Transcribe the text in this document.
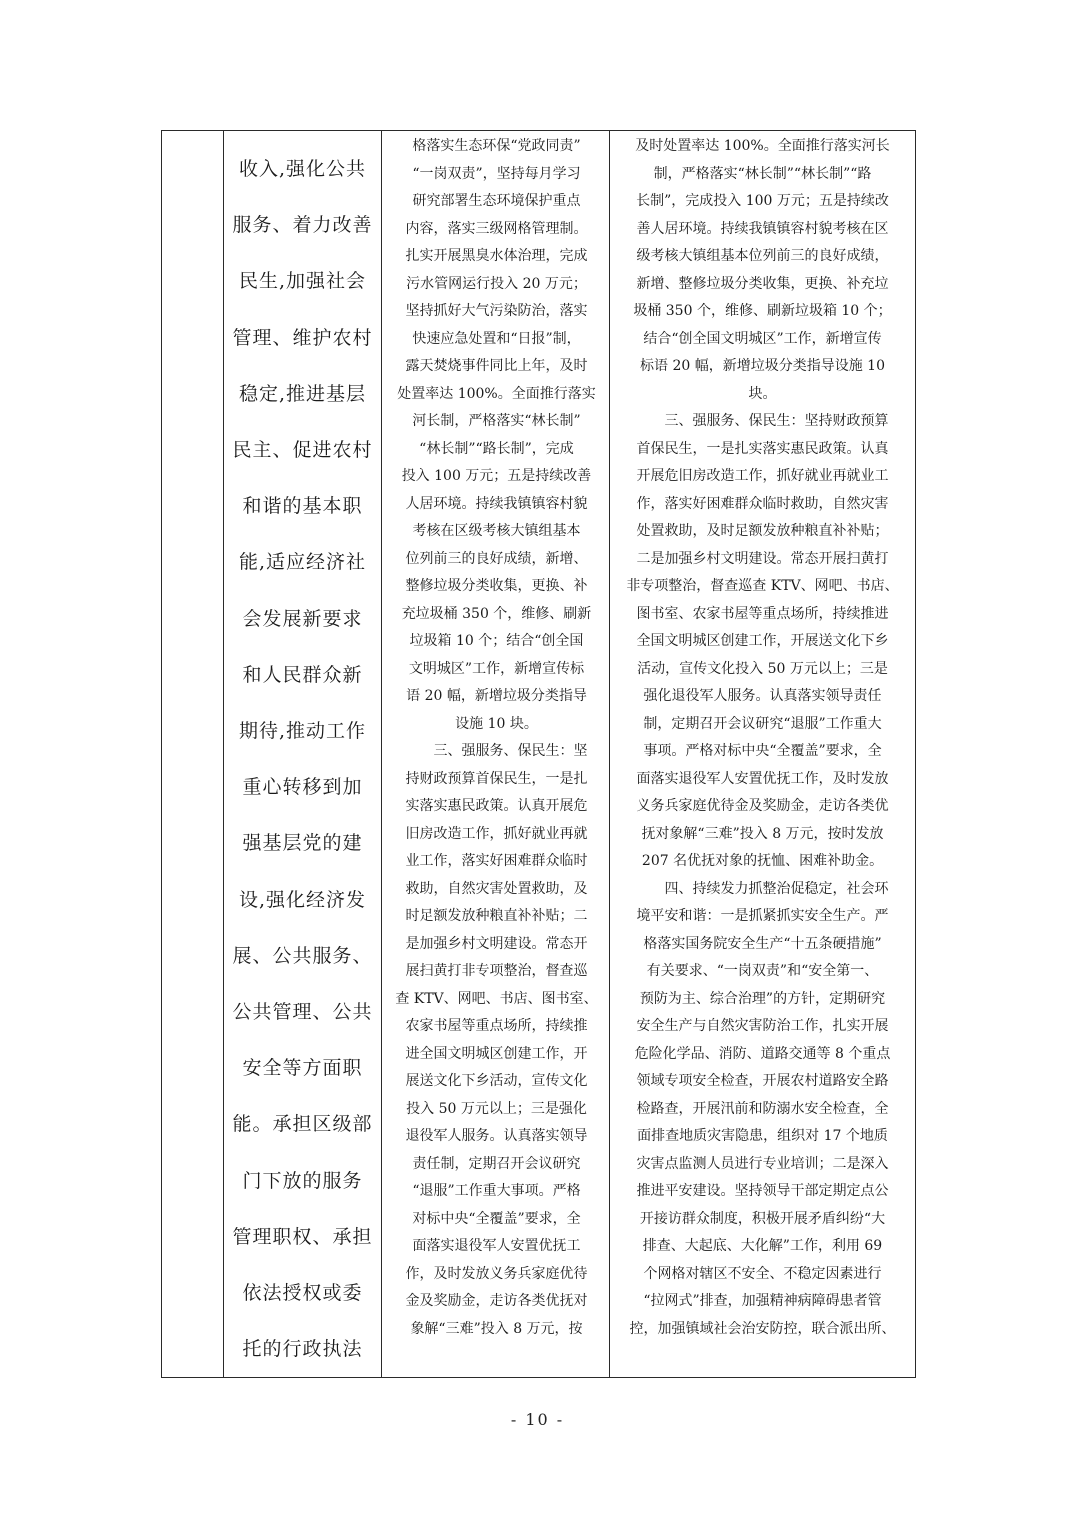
收入,强化公共
服务、着力改善
民生,加强社会
管理、维护农村
稳定,推进基层
民主、促进农村
和谐的基本职
能,适应经济社
会发展新要求
和人民群众新
期待,推动工作
重心转移到加
强基层党的建
设,强化经济发
展、公共服务、
公共管理、公共
安全等方面职
能。承担区级部
门下放的服务
管理职权、承担
依法授权或委
托的行政执法

格落实生态环保“党政同责”
“一岗双责”，坚持每月学习
研究部署生态环境保护重点
内容，落实三级网格管理制。
扎实开展黑臭水体治理，完成
污水管网运行投入 20 万元；
坚持抓好大气污染防治，落实
快速应急处置和“日报”制，
露天焚烧事件同比上年，及时
处置率达 100%。全面推行落实
河长制，严格落实“林长制”
“林长制”“路长制”，完成
投入 100 万元；五是持续改善
人居环境。持续我镇镇容村貌
考核在区级考核大镇组基本
位列前三的良好成绩，新增、
整修垃圾分类收集，更换、补
充垃圾桶 350 个，维修、刷新
垃圾箱 10 个；结合“创全国
文明城区”工作，新增宣传标
语 20 幅，新增垃圾分类指导
设施 10 块。
　　三、强服务、保民生：坚
持财政预算首保民生，一是扎
实落实惠民政策。认真开展危
旧房改造工作，抓好就业再就
业工作，落实好困难群众临时
救助，自然灾害处置救助，及
时足额发放种粮直补补贴；二
是加强乡村文明建设。常态开
展扫黄打非专项整治，督查巡
查 KTV、网吧、书店、图书室、
农家书屋等重点场所，持续推
进全国文明城区创建工作，开
展送文化下乡活动，宣传文化
投入 50 万元以上；三是强化
退役军人服务。认真落实领导
责任制，定期召开会议研究
“退服”工作重大事项。严格
对标中央“全覆盖”要求，全
面落实退役军人安置优抚工
作，及时发放义务兵家庭优待
金及奖励金，走访各类优抚对
象解“三难”投入 8 万元，按

及时处置率达 100%。全面推行落实河长
制，严格落实“林长制”“林长制”“路
长制”，完成投入 100 万元；五是持续改
善人居环境。持续我镇镇容村貌考核在区
级考核大镇组基本位列前三的良好成绩，
新增、整修垃圾分类收集，更换、补充垃
圾桶 350 个，维修、刷新垃圾箱 10 个；
结合“创全国文明城区”工作，新增宣传
标语 20 幅，新增垃圾分类指导设施 10
块。
　　三、强服务、保民生：坚持财政预算
首保民生，一是扎实落实惠民政策。认真
开展危旧房改造工作，抓好就业再就业工
作，落实好困难群众临时救助，自然灾害
处置救助，及时足额发放种粮直补补贴；
二是加强乡村文明建设。常态开展扫黄打
非专项整治，督查巡查 KTV、网吧、书店、
图书室、农家书屋等重点场所，持续推进
全国文明城区创建工作，开展送文化下乡
活动，宣传文化投入 50 万元以上；三是
强化退役军人服务。认真落实领导责任
制，定期召开会议研究“退服”工作重大
事项。严格对标中央“全覆盖”要求，全
面落实退役军人安置优抚工作，及时发放
义务兵家庭优待金及奖励金，走访各类优
抚对象解“三难”投入 8 万元，按时发放
207 名优抚对象的抚恤、困难补助金。
　　四、持续发力抓整治促稳定，社会环
境平安和谐：一是抓紧抓实安全生产。严
格落实国务院安全生产“十五条硬措施”
有关要求、“一岗双责”和“安全第一、
预防为主、综合治理”的方针，定期研究
安全生产与自然灾害防治工作，扎实开展
危险化学品、消防、道路交通等 8 个重点
领域专项安全检查，开展农村道路安全路
检路查，开展汛前和防溺水安全检查，全
面排查地质灾害隐患，组织对 17 个地质
灾害点监测人员进行专业培训；二是深入
推进平安建设。坚持领导干部定期定点公
开接访群众制度，积极开展矛盾纠纷“大
排查、大起底、大化解”工作，利用 69
个网格对辖区不安全、不稳定因素进行
“拉网式”排查，加强精神病障碍患者管
控，加强镇域社会治安防控，联合派出所、
- 10 -
